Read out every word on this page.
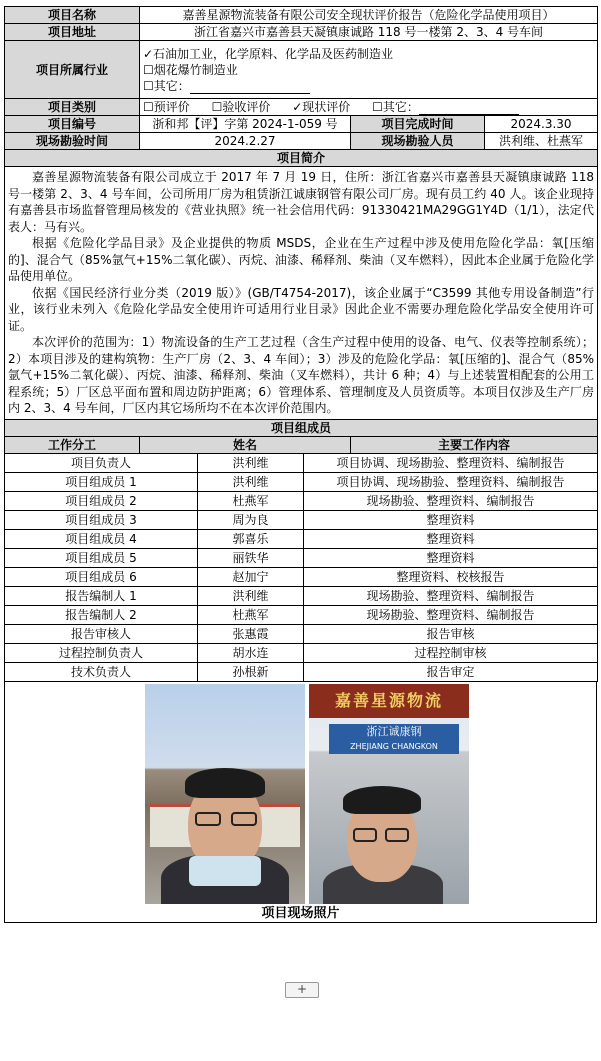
项目名称	嘉善星源物流装备有限公司安全现状评价报告（危险化学品使用项目）		
项目地址	浙江省嘉兴市嘉善县天凝镇康诚路 118 号一楼第 2、3、4 号车间		
项目所属行业	✓石油加工业，化学原料、化学品及医药制造业
☐烟花爆竹制造业
☐其它：		

项目类别	☐预评价 ☐验收评价 ✓现状评价 ☐其它：		
项目编号	浙和邦【评】字第 2024-1-059 号	项目完成时间	2024.3.30
现场勘验时间	2024.2.27	现场勘验人员	洪利维、杜燕军
项目简介			

嘉善星源物流装备有限公司成立于 2017 年 7 月 19 日，住所：浙江省嘉兴市嘉善县天凝镇康诚路 118 号一楼第 2、3、4 号车间，公司所用厂房为租赁浙江诚康钢管有限公司厂房。现有员工约 40 人。该企业现持有嘉善县市场监督管理局核发的《营业执照》统一社会信用代码：91330421MA29GG1Y4D（1/1），法定代表人：马有兴。

根据《危险化学品目录》及企业提供的物质 MSDS，企业在生产过程中涉及使用危险化学品：氧[压缩的]、混合气（85%氩气+15%二氧化碳）、丙烷、油漆、稀释剂、柴油（叉车燃料），因此本企业属于危险化学品使用单位。

依据《国民经济行业分类（2019 版）》(GB/T4754-2017)，该企业属于“C3599 其他专用设备制造”行业，该行业未列入《危险化学品安全使用许可适用行业目录》因此企业不需要办理危险化学品安全使用许可证。

本次评价的范围为：1）物流设备的生产工艺过程（含生产过程中使用的设备、电气、仪表等控制系统）；2）本项目涉及的建构筑物：生产厂房（2、3、4 车间）；3）涉及的危险化学品：氧[压缩的]、混合气（85%氩气+15%二氧化碳）、丙烷、油漆、稀释剂、柴油（叉车燃料），共计 6 种；4）与上述装置相配套的公用工程系统；5）厂区总平面布置和周边防护距离；6）管理体系、管理制度及人员资质等。本项目仅涉及生产厂房内 2、3、4 号车间，厂区内其它场所均不在本次评价范围内。			

项目组成员			
工作分工	姓名	主要工作内容	
项目负责人	洪利维	项目协调、现场勘验、整理资料、编制报告
项目组成员 1	洪利维	项目协调、现场勘验、整理资料、编制报告
项目组成员 2	杜燕军	现场勘验、整理资料、编制报告
项目组成员 3	周为良	整理资料
项目组成员 4	郭喜乐	整理资料
项目组成员 5	丽铁华	整理资料
项目组成员 6	赵加宁	整理资料、校核报告
报告编制人 1	洪利维	现场勘验、整理资料、编制报告
报告编制人 2	杜燕军	现场勘验、整理资料、编制报告
报告审核人	张惠霞	报告审核
过程控制负责人	胡水连	过程控制审核
技术负责人	孙根新	报告审定
嘉善星源物流
浙江诚康钢
ZHEJIANG CHANGKON
项目现场照片
+
